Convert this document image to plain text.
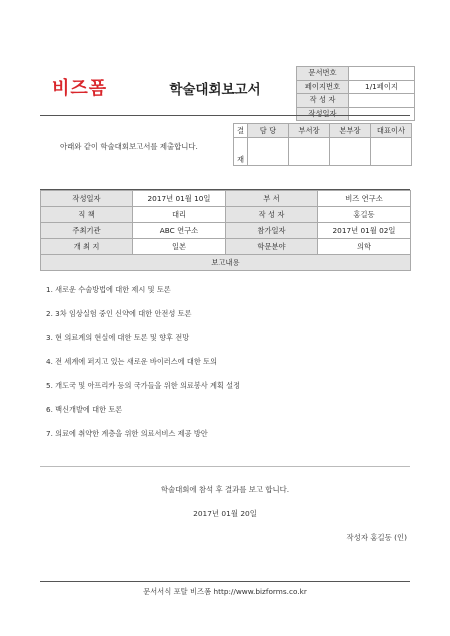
비즈폼	학술대회보고서
문서번호	
페이지번호	1/1페이지
작 성 자	
작성일자	. . .
아래와 같이 학술대회보고서를 제출합니다.
결	담 당	부서장	본부장	대표이사
재				
작성일자	2017년 01월 10일	부 서	비즈 연구소
직 책	대리	작 성 자	홍길동
주최기관	ABC 연구소	참가일자	2017년 01월 02일
개 최 지	일본	학문분야	의학
보고내용			
1. 새로운 수술방법에 대한 제시 및 토론
2. 3차 임상실험 중인 신약에 대한 안전성 토론
3. 현 의료계의 현실에 대한 토론 및 향후 전망
4. 전 세계에 퍼지고 있는 새로운 바이러스에 대한 토의
5. 개도국 및 아프리카 등의 국가들을 위한 의료봉사 계획 설정
6. 백신개발에 대한 토론
7. 의료에 취약한 계층을 위한 의료서비스 제공 방안
학술대회에 참석 후 결과를 보고 합니다.
2017년 01월 20일
작성자 홍길동 (인)
문서서식 포탈 비즈폼 http://www.bizforms.co.kr
